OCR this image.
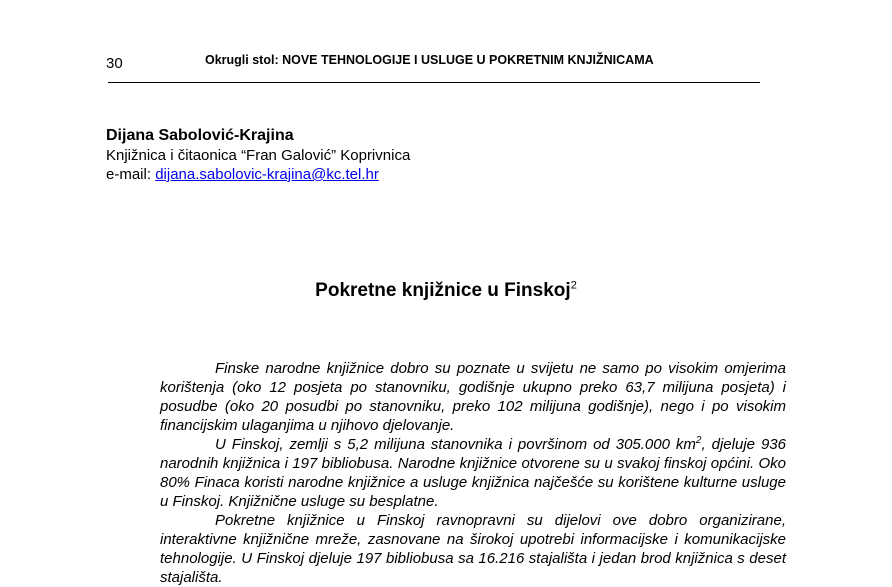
30	Okrugli stol: NOVE TEHNOLOGIJE I USLUGE U POKRETNIM KNJIŽNICAMA
Dijana Sabolović-Krajina
Knjižnica i čitaonica “Fran Galović” Koprivnica
e-mail: dijana.sabolovic-krajina@kc.tel.hr
Pokretne knjižnice u Finskoj$^2$

Finske narodne knjižnice dobro su poznate u svijetu ne samo po visokim omjerima korištenja (oko 12 posjeta po stanovniku, godišnje ukupno preko 63,7 milijuna posjeta) i posudbe (oko 20 posudbi po stanovniku, preko 102 milijuna godišnje), nego i po visokim financijskim ulaganjima u njihovo djelovanje.

U Finskoj, zemlji s 5,2 milijuna stanovnika i površinom od 305.000 $km^2$, djeluje 936 narodnih knjižnica i 197 bibliobusa. Narodne knjižnice otvorene su u svakoj finskoj općini. Oko 80% Finaca koristi narodne knjižnice a usluge knjižnica najčešće su korištene kulturne usluge u Finskoj. Knjižnične usluge su besplatne.

Pokretne knjižnice u Finskoj ravnopravni su dijelovi ove dobro organizirane, interaktivne knjižnične mreže, zasnovane na širokoj upotrebi informacijske i komunikacijske tehnologije. U Finskoj djeluje 197 bibliobusa sa 16.216 stajališta i jedan brod knjižnica s deset stajališta.
